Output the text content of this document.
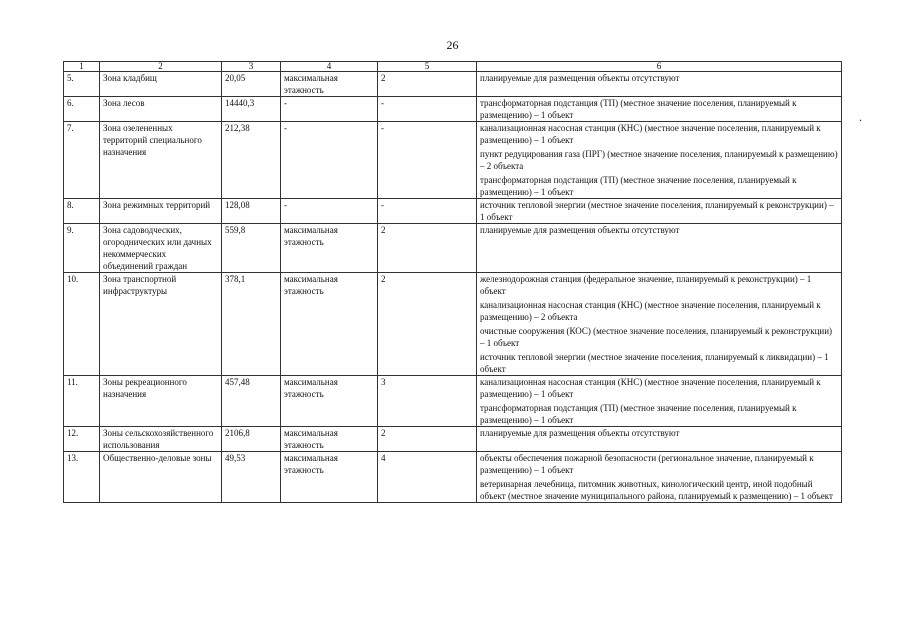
26
.
1	2	3	4	5	6
5.	Зона кладбищ	20,05	максимальная этажность	2	планируемые для размещения объекты отсутствуют

6.	Зона лесов	14440,3	-	-	трансформаторная подстанция (ТП) (местное значение поселения, планируемый к размещению) – 1 объект

7.	Зона озелененных территорий специального назначения	212,38	-	-	канализационная насосная станция (КНС) (местное значение поселения, планируемый к размещению) – 1 объект
пункт редуцирования газа (ПРГ) (местное значение поселения, планируемый к размещению) – 2 объекта
трансформаторная подстанция (ТП) (местное значение поселения, планируемый к размещению) – 1 объект

8.	Зона режимных территорий	128,08	-	-	источник тепловой энергии (местное значение поселения, планируемый к реконструкции) – 1 объект

9.	Зона садоводческих, огороднических или дачных некоммерческих объединений граждан	559,8	максимальная этажность	2	планируемые для размещения объекты отсутствуют

10.	Зона транспортной инфраструктуры	378,1	максимальная этажность	2	железнодорожная станция (федеральное значение, планируемый к реконструкции) – 1 объект
канализационная насосная станция (КНС) (местное значение поселения, планируемый к размещению) – 2 объекта
очистные сооружения (КОС) (местное значение поселения, планируемый к реконструкции) – 1 объект
источник тепловой энергии (местное значение поселения, планируемый к ликвидации) – 1 объект

11.	Зоны рекреационного назначения	457,48	максимальная этажность	3	канализационная насосная станция (КНС) (местное значение поселения, планируемый к размещению) – 1 объект
трансформаторная подстанция (ТП) (местное значение поселения, планируемый к размещению) – 1 объект

12.	Зоны сельскохозяйственного использования	2106,8	максимальная этажность	2	планируемые для размещения объекты отсутствуют

13.	Общественно-деловые зоны	49,53	максимальная этажность	4	объекты обеспечения пожарной безопасности (региональное значение, планируемый к размещению) – 1 объект
ветеринарная лечебница, питомник животных, кинологический центр, иной подобный объект (местное значение муниципального района, планируемый к размещению) – 1 объект
